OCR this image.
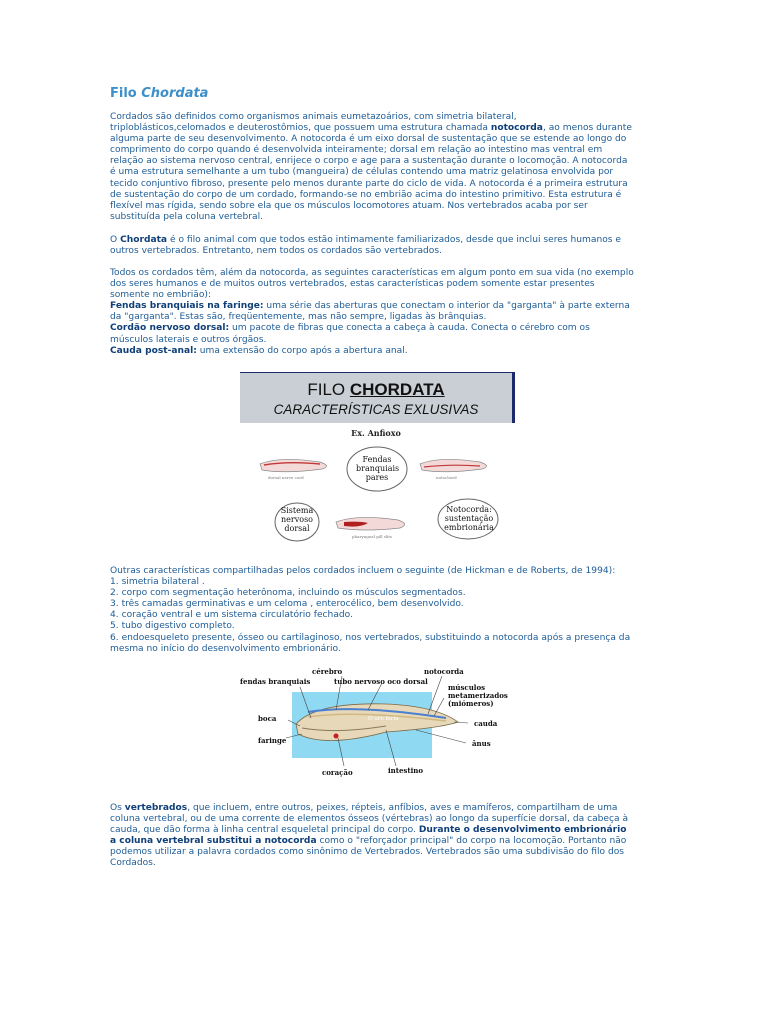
Filo Chordata

Cordados são definidos como organismos animais eumetazoários, com simetria bilateral, triploblásticos,celomados e deuterostômios, que possuem uma estrutura chamada notocorda, ao menos durante alguma parte de seu desenvolvimento. A notocorda é um eixo dorsal de sustentação que se estende ao longo do comprimento do corpo quando é desenvolvida inteiramente; dorsal em relação ao intestino mas ventral em relação ao sistema nervoso central, enrijece o corpo e age para a sustentação durante o locomoção. A notocorda é uma estrutura semelhante a um tubo (mangueira) de células contendo uma matriz gelatinosa envolvida por tecido conjuntivo fibroso, presente pelo menos durante parte do ciclo de vida. A notocorda é a primeira estrutura de sustentação do corpo de um cordado, formando-se no embrião acima do intestino primitivo. Esta estrutura é flexível mas rígida, sendo sobre ela que os músculos locomotores atuam. Nos vertebrados acaba por ser substituída pela coluna vertebral.

O Chordata é o filo animal com que todos estão intimamente familiarizados, desde que inclui seres humanos e outros vertebrados. Entretanto, nem todos os cordados são vertebrados.

Todos os cordados têm, além da notocorda, as seguintes características em algum ponto em sua vida (no exemplo dos seres humanos e de muitos outros vertebrados, estas características podem somente estar presentes somente no embrião):

Fendas branquiais na faringe: uma série das aberturas que conectam o interior da "garganta" à parte externa da "garganta". Estas são, freqüentemente, mas não sempre, ligadas às brânquias.

Cordão nervoso dorsal: um pacote de fibras que conecta a cabeça à cauda. Conecta o cérebro com os músculos laterais e outros órgãos.

Cauda post-anal: uma extensão do corpo após a abertura anal.

FILO CHORDATA
CARACTERÍSTICAS EXLUSIVAS
Ex. Anfioxo
Fendas branquiais pares
Sistema nervoso dorsal
Notocorda: sustentação embrionária
dorsal nerve cord	notochord
pharyngeal gill slits

Outras características compartilhadas pelos cordados incluem o seguinte (de Hickman e de Roberts, de 1994):

1. simetria bilateral .

2. corpo com segmentação heterônoma, incluindo os músculos segmentados.

3. três camadas germinativas e um celoma , enterocélico, bem desenvolvido.

4. coração ventral e um sistema circulatório fechado.

5. tubo digestivo completo.

6. endoesqueleto presente, ósseo ou cartilaginoso, nos vertebrados, substituindo a notocorda após a presença da mesma no início do desenvolvimento embrionário.

cérebro	notocorda
fendas branquiais	tubo nervoso oco dorsal
músculos metamerizados (miómeros)
boca
faringe
cauda
ânus
coração	intestino
O uro ferin

Os vertebrados, que incluem, entre outros, peixes, répteis, anfíbios, aves e mamíferos, compartilham de uma coluna vertebral, ou de uma corrente de elementos ósseos (vértebras) ao longo da superfície dorsal, da cabeça à cauda, que dão forma à linha central esqueletal principal do corpo. Durante o desenvolvimento embrionário a coluna vertebral substitui a notocorda como o "reforçador principal" do corpo na locomoção. Portanto não podemos utilizar a palavra cordados como sinônimo de Vertebrados. Vertebrados são uma subdivisão do filo dos Cordados.
